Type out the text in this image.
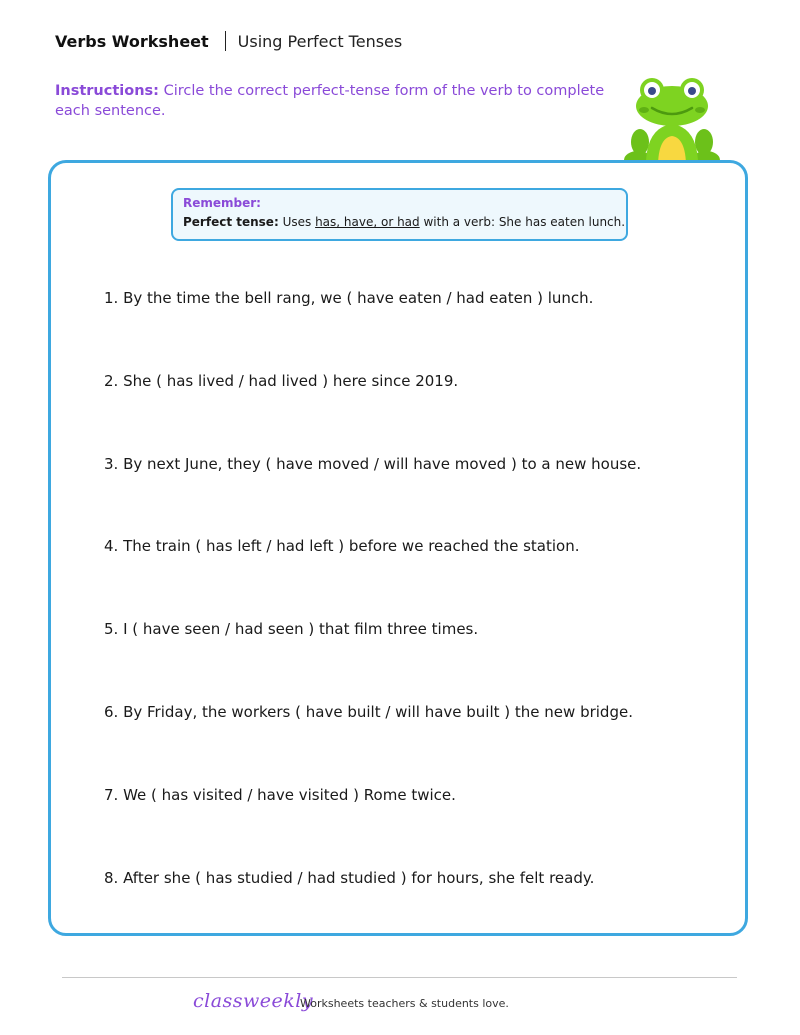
Verbs Worksheet Using Perfect Tenses
Instructions: Circle the correct perfect-tense form of the verb to complete each sentence.
Remember:
Perfect tense: Uses has, have, or had with a verb: She has eaten lunch.
1. By the time the bell rang, we ( have eaten / had eaten ) lunch.
2. She ( has lived / had lived ) here since 2019.
3. By next June, they ( have moved / will have moved ) to a new house.
4. The train ( has left / had left ) before we reached the station.
5. I ( have seen / had seen ) that film three times.
6. By Friday, the workers ( have built / will have built ) the new bridge.
7. We ( has visited / have visited ) Rome twice.
8. After she ( has studied / had studied ) for hours, she felt ready.
classweekly
Worksheets teachers & students love.
